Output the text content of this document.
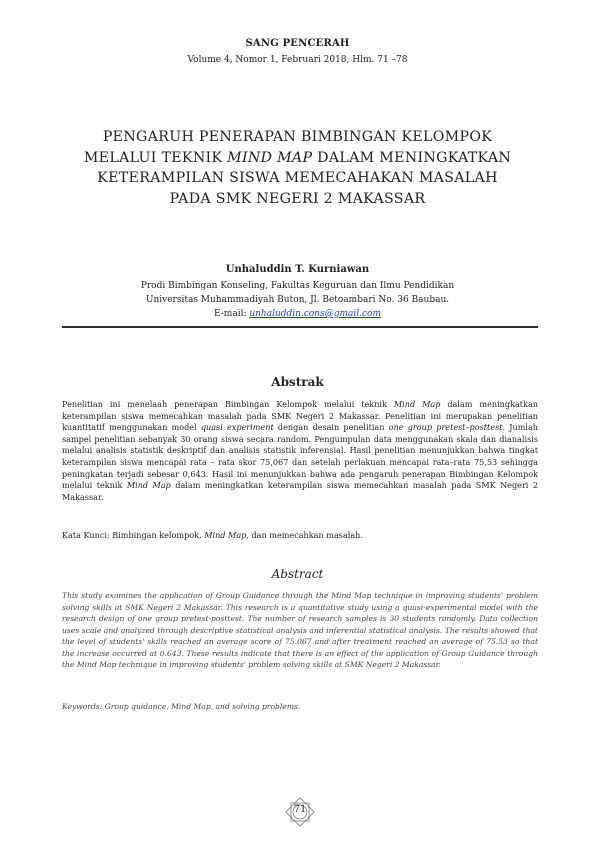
SANG PENCERAH
Volume 4, Nomor 1, Februari 2018, Hlm. 71 –78
PENGARUH PENERAPAN BIMBINGAN KELOMPOK
MELALUI TEKNIK MIND MAP DALAM MENINGKATKAN
KETERAMPILAN SISWA MEMECAHAKAN MASALAH
PADA SMK NEGERI 2 MAKASSAR
Unhaluddin T. Kurniawan
Prodi Bimbingan Konseling, Fakultas Keguruan dan Ilmu Pendidikan
Universitas Muhammadiyah Buton, Jl. Betoambari No. 36 Baubau.
E-mail: unhaluddin.cons@gmail.com
Abstrak
Penelitian ini menelaah penerapan Bimbingan Kelompok melalui teknik Mind Map dalam meningkatkan keterampilan siswa memecahkan masalah pada SMK Negeri 2 Makassar. Penelitian ini merupakan penelitian kuantitatif menggunakan model quasi experiment dengan desain penelitian one group pretest–posttest. Jumlah sampel penelitian sebanyak 30 orang siswa secara random. Pengumpulan data menggunakan skala dan dianalisis melalui analisis statistik deskriptif dan analisis statistik inferensial. Hasil penelitian menunjukkan bahwa tingkat keterampilan siswa mencapai rata – rata skor 75,067 dan setelah perlakuan mencapai rata–rata 75,53 sehingga peningkatan terjadi sebesar 0,643. Hasil ini menunjukkan bahwa ada pengaruh penerapan Bimbingan Kelompok melalui teknik Mind Map dalam meningkatkan keterampilan siswa memecahkan masalah pada SMK Negeri 2 Makassar.
Kata Kunci: Bimbingan kelompok, Mind Map, dan memecahkan masalah.
Abstract
This study examines the application of Group Guidance through the Mind Map technique in improving students' problem solving skills at SMK Negeri 2 Makassar. This research is a quantitative study using a quasi-experimental model with the research design of one group pretest-posttest. The number of research samples is 30 students randomly. Data collection uses scale and analyzed through descriptive statistical analysis and inferential statistical analysis. The results showed that the level of students' skills reached an average score of 75.067 and after treatment reached an average of 75.53 so that the increase occurred at 0.643. These results indicate that there is an effect of the application of Group Guidance through the Mind Map technique in improving students' problem solving skills at SMK Negeri 2 Makassar.
Keywords: Group guidance, Mind Map, and solving problems.
71
